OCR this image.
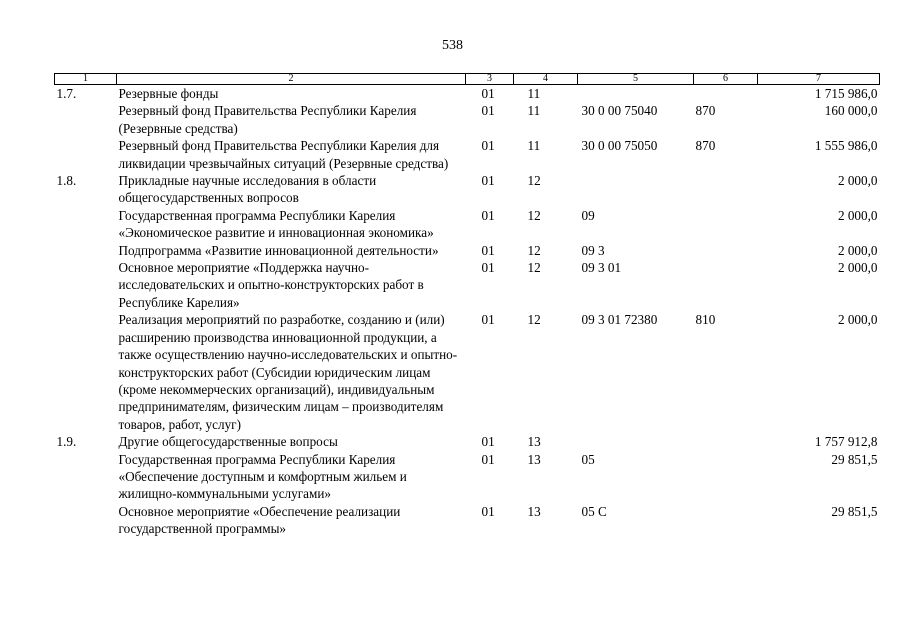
538
1	2	3	4	5	6	7
1.7.	Резервные фонды	01	11			1 715 986,0
	Резервный фонд Правительства Республики Карелия (Резервные средства)	01	11	30 0 00 75040	870	160 000,0
	Резервный фонд Правительства Республики Карелия для ликвидации чрезвычайных ситуаций (Резервные средства)	01	11	30 0 00 75050	870	1 555 986,0
1.8.	Прикладные научные исследования в области общегосударственных вопросов	01	12			2 000,0
	Государственная программа Республики Карелия «Экономическое развитие и инновационная экономика»	01	12	09		2 000,0
	Подпрограмма «Развитие инновационной деятельности»	01	12	09 3		2 000,0
	Основное мероприятие «Поддержка научно-исследовательских и опытно-конструкторских работ в Республике Карелия»	01	12	09 3 01		2 000,0
	Реализация мероприятий по разработке, созданию и (или) расширению производства инновационной продукции, а также осуществлению научно-исследовательских и опытно-конструкторских работ (Субсидии юридическим лицам (кроме некоммерческих организаций), индивидуальным предпринимателям, физическим лицам – производителям товаров, работ, услуг)	01	12	09 3 01 72380	810	2 000,0
1.9.	Другие общегосударственные вопросы	01	13			1 757 912,8
	Государственная программа Республики Карелия «Обеспечение доступным и комфортным жильем и жилищно-коммунальными услугами»	01	13	05		29 851,5
	Основное мероприятие «Обеспечение реализации государственной программы»	01	13	05 С		29 851,5
